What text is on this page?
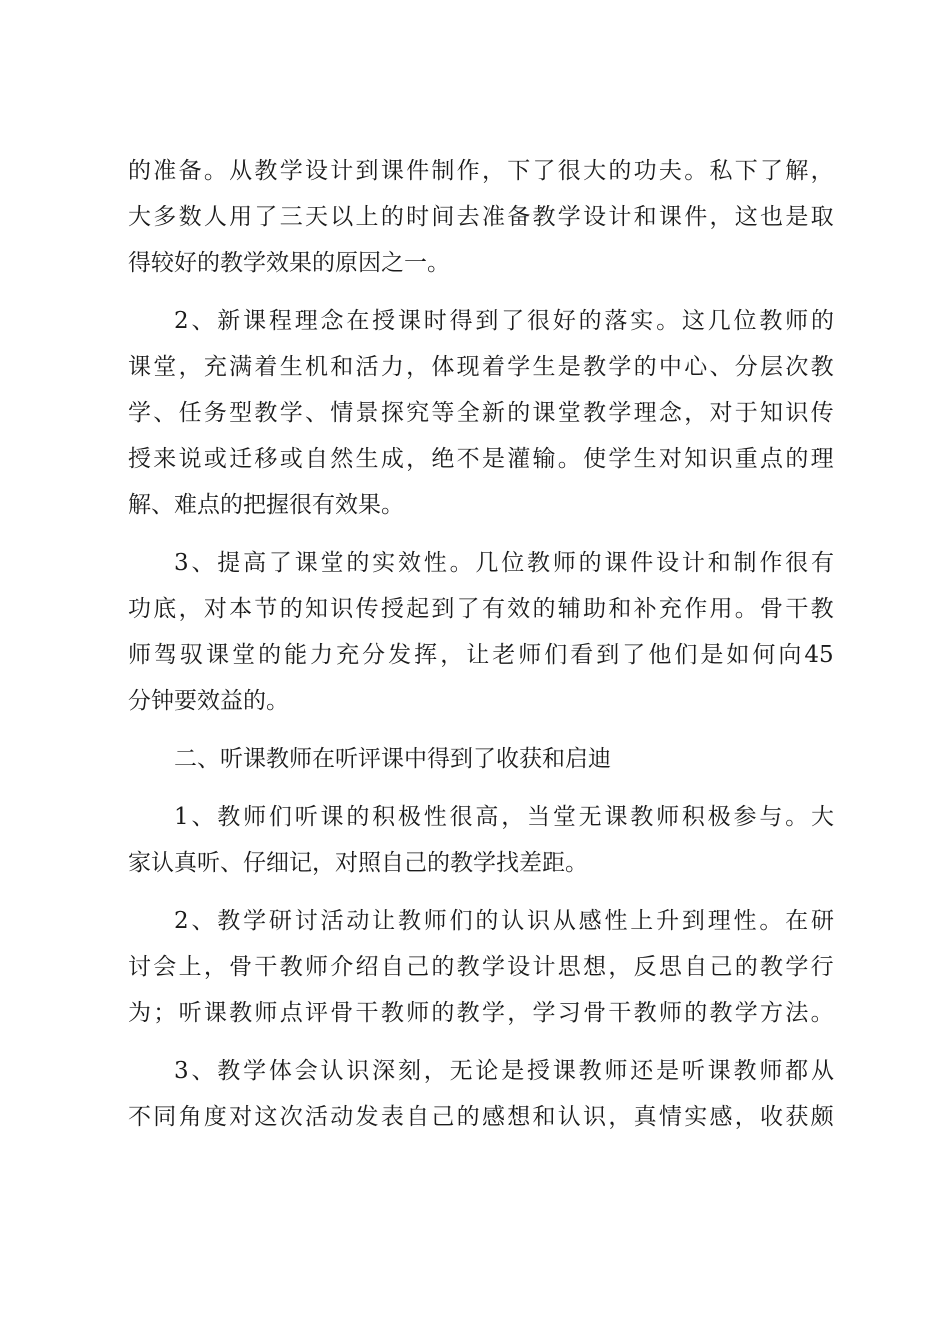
的 准 备 。 从 教 学 设 计 到 课 件 制 作 ， 下 了 很 大 的 功 夫 。 私 下 了 解 ，
大 多 数 人 用 了 三 天 以 上 的 时 间 去 准 备 教 学 设 计 和 课 件 ， 这 也 是 取
得较好的教学效果的原因之一。
2 、 新 课 程 理 念 在 授 课 时 得 到 了 很 好 的 落 实 。 这 几 位 教 师 的
课 堂 ， 充 满 着 生 机 和 活 力 ， 体 现 着 学 生 是 教 学 的 中 心 、 分 层 次 教
学 、 任 务 型 教 学 、 情 景 探 究 等 全 新 的 课 堂 教 学 理 念 ， 对 于 知 识 传
授 来 说 或 迁 移 或 自 然 生 成 ， 绝 不 是 灌 输 。 使 学 生 对 知 识 重 点 的 理
解、难点的把握很有效果。
3 、 提 高 了 课 堂 的 实 效 性 。 几 位 教 师 的 课 件 设 计 和 制 作 很 有
功 底 ， 对 本 节 的 知 识 传 授 起 到 了 有 效 的 辅 助 和 补 充 作 用 。 骨 干 教
师 驾 驭 课 堂 的 能 力 充 分 发 挥 ， 让 老 师 们 看 到 了 他 们 是 如 何 向 45
分钟要效益的。
二、听课教师在听评课中得到了收获和启迪
1 、 教 师 们 听 课 的 积 极 性 很 高 ， 当 堂 无 课 教 师 积 极 参 与 。 大
家认真听、仔细记，对照自己的教学找差距。
2 、 教 学 研 讨 活 动 让 教 师 们 的 认 识 从 感 性 上 升 到 理 性 。 在 研
讨 会 上 ， 骨 干 教 师 介 绍 自 己 的 教 学 设 计 思 想 ， 反 思 自 己 的 教 学 行
为 ； 听 课 教 师 点 评 骨 干 教 师 的 教 学 ， 学 习 骨 干 教 师 的 教 学 方 法 。
3 、 教 学 体 会 认 识 深 刻 ， 无 论 是 授 课 教 师 还 是 听 课 教 师 都 从
不 同 角 度 对 这 次 活 动 发 表 自 己 的 感 想 和 认 识 ， 真 情 实 感 ， 收 获 颇
